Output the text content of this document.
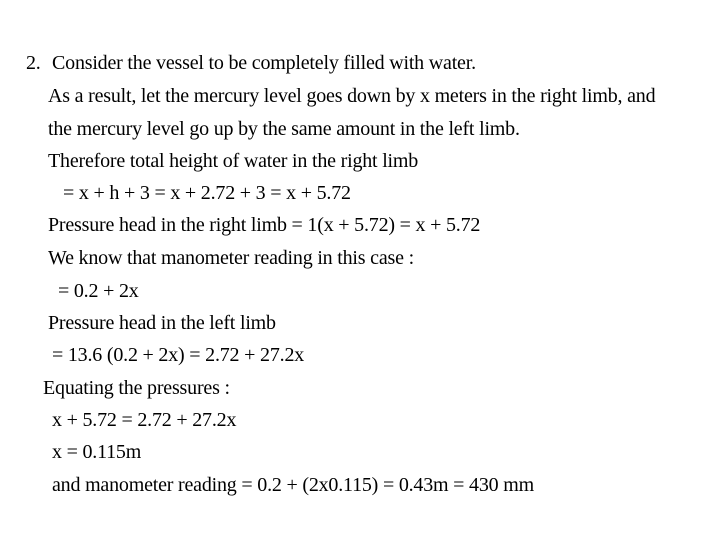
2. Consider the vessel to be completely filled with water.
As a result, let the mercury level goes down by x meters in the right limb, and
the mercury level go up by the same amount in the left limb.
Therefore total height of water in the right limb
= x + h + 3 = x + 2.72 + 3 = x + 5.72
Pressure head in the right limb = 1(x + 5.72) = x + 5.72
We know that manometer reading in this case :
= 0.2 + 2x
Pressure head in the left limb
= 13.6 (0.2 + 2x) = 2.72 + 27.2x
Equating the pressures :
x + 5.72 = 2.72 + 27.2x
x = 0.115m
and manometer reading = 0.2 + (2x0.115) = 0.43m = 430 mm
